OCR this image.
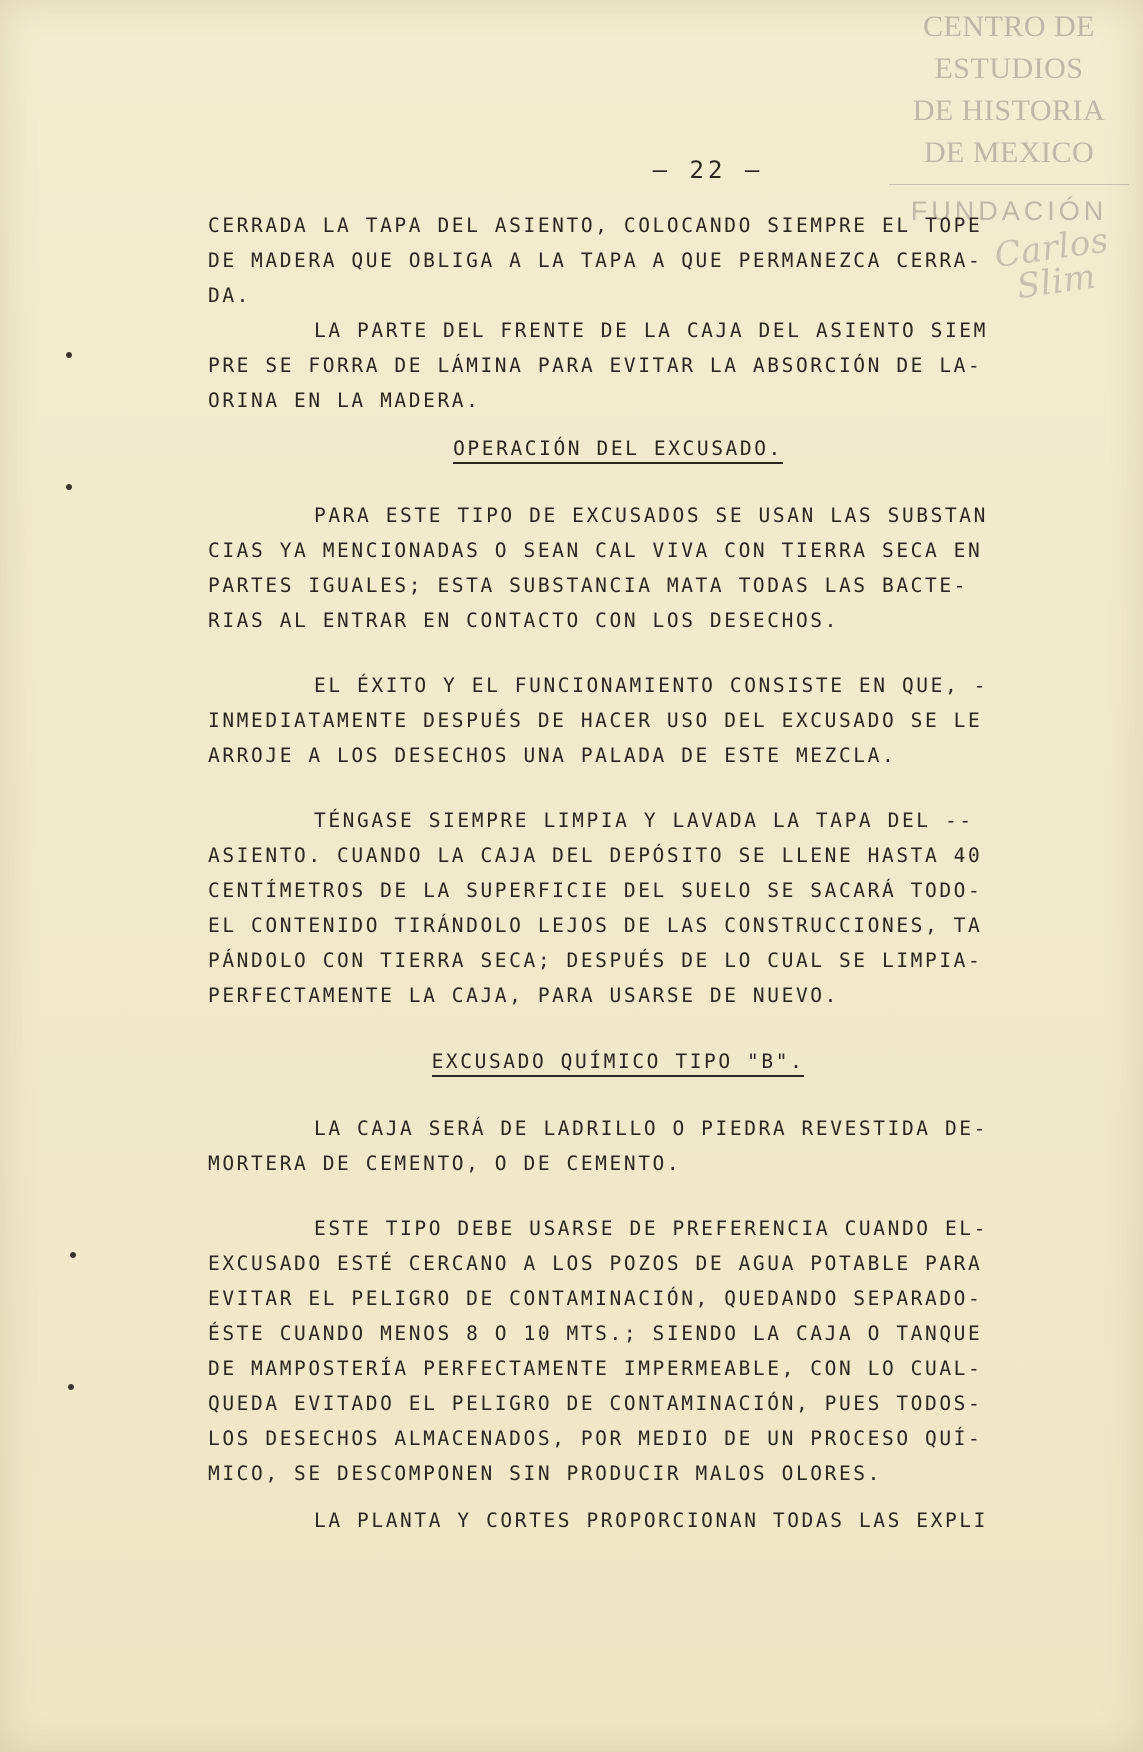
CENTRO DE
ESTUDIOS
DE HISTORIA
DE MEXICO
FUNDACIÓN
Carlos Slim
– 22 –

CERRADA LA TAPA DEL ASIENTO, COLOCANDO SIEMPRE EL TOPE
DE MADERA QUE OBLIGA A LA TAPA A QUE PERMANEZCA CERRA-
DA.

LA PARTE DEL FRENTE DE LA CAJA DEL ASIENTO SIEM
PRE SE FORRA DE LÁMINA PARA EVITAR LA ABSORCIÓN DE LA-
ORINA EN LA MADERA.

OPERACIÓN DEL EXCUSADO.

PARA ESTE TIPO DE EXCUSADOS SE USAN LAS SUBSTAN
CIAS YA MENCIONADAS O SEAN CAL VIVA CON TIERRA SECA EN
PARTES IGUALES; ESTA SUBSTANCIA MATA TODAS LAS BACTE-
RIAS AL ENTRAR EN CONTACTO CON LOS DESECHOS.

EL ÉXITO Y EL FUNCIONAMIENTO CONSISTE EN QUE, -
INMEDIATAMENTE DESPUÉS DE HACER USO DEL EXCUSADO SE LE
ARROJE A LOS DESECHOS UNA PALADA DE ESTE MEZCLA.

TÉNGASE SIEMPRE LIMPIA Y LAVADA LA TAPA DEL --
ASIENTO. CUANDO LA CAJA DEL DEPÓSITO SE LLENE HASTA 40
CENTÍMETROS DE LA SUPERFICIE DEL SUELO SE SACARÁ TODO-
EL CONTENIDO TIRÁNDOLO LEJOS DE LAS CONSTRUCCIONES, TA
PÁNDOLO CON TIERRA SECA; DESPUÉS DE LO CUAL SE LIMPIA-
PERFECTAMENTE LA CAJA, PARA USARSE DE NUEVO.

EXCUSADO QUÍMICO TIPO "B".

LA CAJA SERÁ DE LADRILLO O PIEDRA REVESTIDA DE-
MORTERA DE CEMENTO, O DE CEMENTO.

ESTE TIPO DEBE USARSE DE PREFERENCIA CUANDO EL-
EXCUSADO ESTÉ CERCANO A LOS POZOS DE AGUA POTABLE PARA
EVITAR EL PELIGRO DE CONTAMINACIÓN, QUEDANDO SEPARADO-
ÉSTE CUANDO MENOS 8 O 10 MTS.; SIENDO LA CAJA O TANQUE
DE MAMPOSTERÍA PERFECTAMENTE IMPERMEABLE, CON LO CUAL-
QUEDA EVITADO EL PELIGRO DE CONTAMINACIÓN, PUES TODOS-
LOS DESECHOS ALMACENADOS, POR MEDIO DE UN PROCESO QUÍ-
MICO, SE DESCOMPONEN SIN PRODUCIR MALOS OLORES.

LA PLANTA Y CORTES PROPORCIONAN TODAS LAS EXPLI
